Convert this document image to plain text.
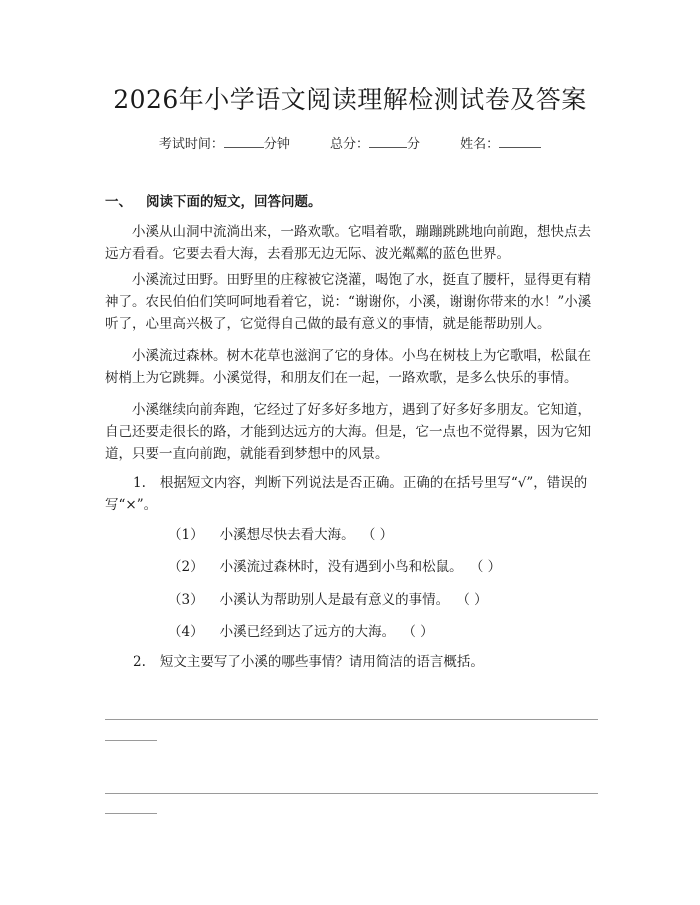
2026年小学语文阅读理解检测试卷及答案
考试时间：	分钟	总分：	分	姓名：
一、 阅读下面的短文，回答问题。

小溪从山洞中流淌出来，一路欢歌。它唱着歌，蹦蹦跳跳地向前跑，想快点去远方看看。它要去看大海，去看那无边无际、波光粼粼的蓝色世界。

小溪流过田野。田野里的庄稼被它浇灌，喝饱了水，挺直了腰杆，显得更有精神了。农民伯伯们笑呵呵地看着它，说：“谢谢你，小溪，谢谢你带来的水！”小溪听了，心里高兴极了，它觉得自己做的最有意义的事情，就是能帮助别人。

小溪流过森林。树木花草也滋润了它的身体。小鸟在树枝上为它歌唱，松鼠在树梢上为它跳舞。小溪觉得，和朋友们在一起，一路欢歌，是多么快乐的事情。

小溪继续向前奔跑，它经过了好多好多地方，遇到了好多好多朋友。它知道，自己还要走很长的路，才能到达远方的大海。但是，它一点也不觉得累，因为它知道，只要一直向前跑，就能看到梦想中的风景。

1. 根据短文内容，判断下列说法是否正确。正确的在括号里写“√”，错误的写“×”。
（1） 小溪想尽快去看大海。 （ ）
（2） 小溪流过森林时，没有遇到小鸟和松鼠。 （ ）
（3） 小溪认为帮助别人是最有意义的事情。 （ ）
（4） 小溪已经到达了远方的大海。 （ ）
2. 短文主要写了小溪的哪些事情？请用简洁的语言概括。
